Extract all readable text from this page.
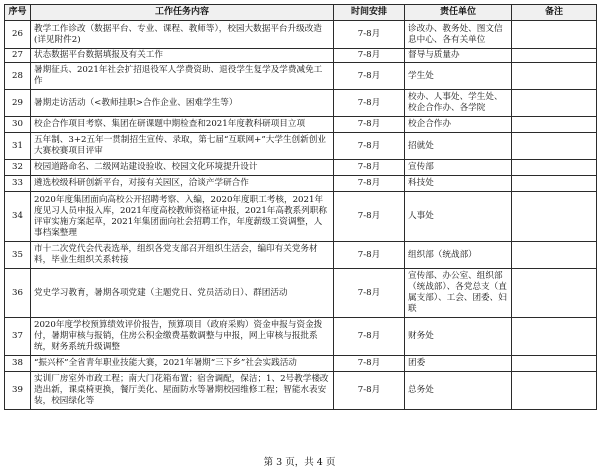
序号	工作任务内容	时间安排	责任单位	备注
26	教学工作诊改（数据平台、专业、课程、教师等），校园大数据平台升级改造(详见附件2)	7-8月	诊改办、教务处、图文信息中心、各有关单位	
27	状态数据平台数据填报及有关工作	7-8月	督导与质量办	
28	暑期征兵、2021年社会扩招退役军人学费资助、退役学生复学及学费减免工作	7-8月	学生处	
29	暑期走访活动（<教师挂职>合作企业、困难学生等）	7-8月	校办、人事处、学生处、校企合作办、各学院	
30	校企合作项目考察、集团在研课题中期检查和2021年度教科研项目立项	7-8月	校企合作办	
31	五年制、3+2五年一贯制招生宣传、录取，第七届“互联网+”大学生创新创业大赛校赛项目评审	7-8月	招就处	
32	校园道路命名、二级网站建设验收、校园文化环境提升设计	7-8月	宣传部	
33	遴选校级科研创新平台，对接有关园区，洽谈产学研合作	7-8月	科技处	
34	2020年度集团面向高校公开招聘考察、入编，2020年度职工考核，2021年度见习人员申报入库，2021年度高校教师资格证申报，2021年高教系列职称评审实施方案起草，2021年集团面向社会招聘工作，年度薪级工资调整，人事档案整理	7-8月	人事处	
35	市十二次党代会代表选举，组织各党支部召开组织生活会，编印有关党务材料，毕业生组织关系转接	7-8月	组织部（统战部）	
36	党史学习教育，暑期各项党建（主题党日、党员活动日）、群团活动	7-8月	宣传部、办公室、组织部（统战部）、各党总支（直属支部）、工会、团委、妇联	
37	2020年度学校预算绩效评价报告，预算项目（政府采购）资金申报与资金拨付，暑期审核与报销，住房公积金缴费基数调整与申报，网上审核与报批系统，财务系统升级调整	7-8月	财务处	
38	“振兴杯”全省青年职业技能大赛，2021年暑期“三下乡”社会实践活动	7-8月	团委	
39	实训厂房室外市政工程；南大门花箱布置；宿舍调配，保洁；1、2号教学楼改造出新，课桌椅更换，餐厅美化、屋面防水等暑期校园维修工程；智能水表安装，校园绿化等	7-8月	总务处	
第 3 页，共 4 页
